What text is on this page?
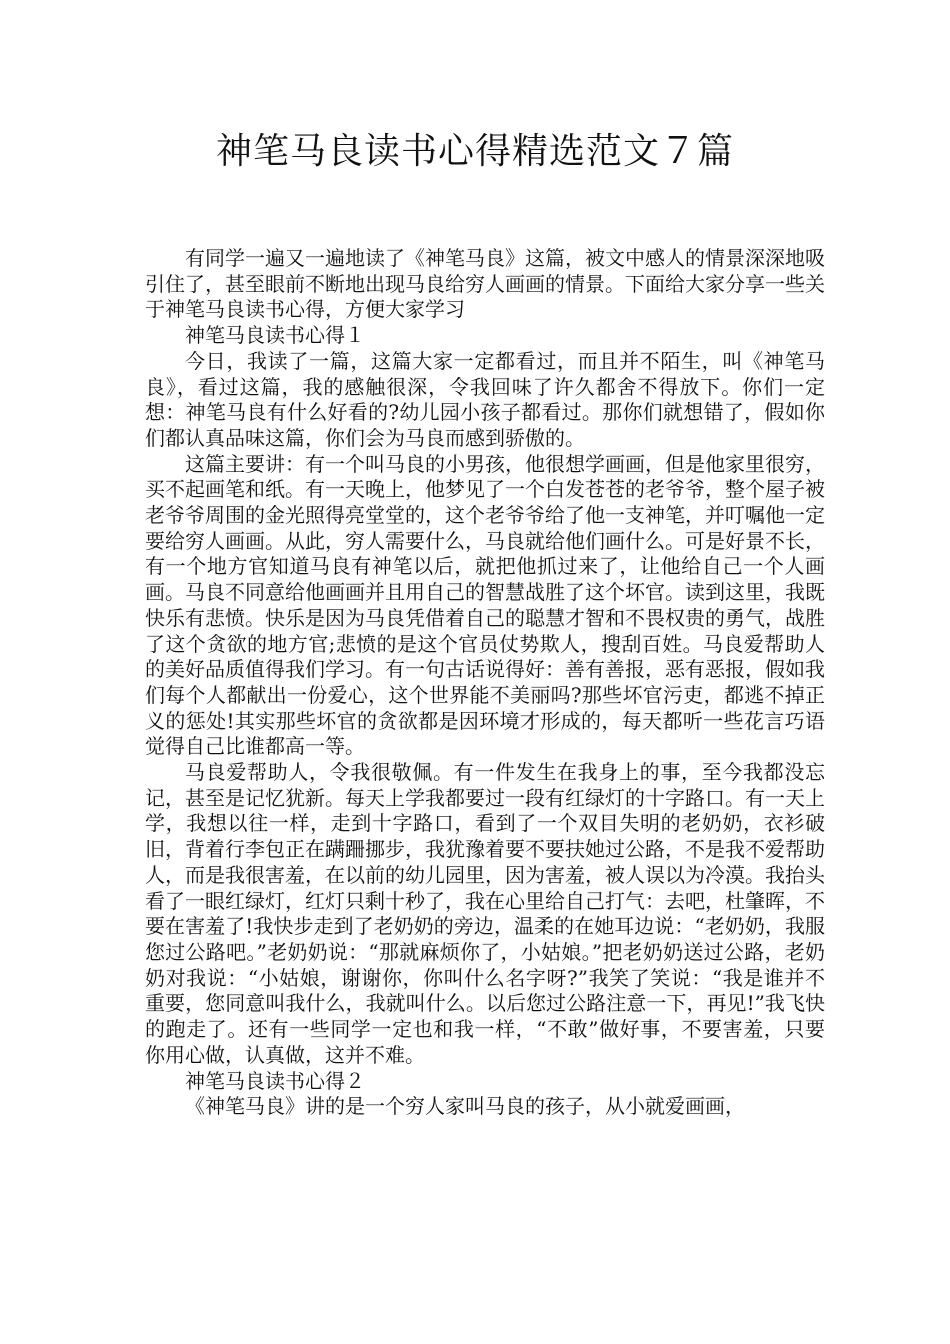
神笔马良读书心得精选范文７篇

有同学一遍又一遍地读了《神笔马良》这篇，被文中感人的情景深深地吸引住了，甚至眼前不断地出现马良给穷人画画的情景。下面给大家分享一些关于神笔马良读书心得，方便大家学习

神笔马良读书心得１

今日，我读了一篇，这篇大家一定都看过，而且并不陌生，叫《神笔马良》，看过这篇，我的感触很深，令我回味了许久都舍不得放下。你们一定想：神笔马良有什么好看的?幼儿园小孩子都看过。那你们就想错了，假如你们都认真品味这篇，你们会为马良而感到骄傲的。

这篇主要讲：有一个叫马良的小男孩，他很想学画画，但是他家里很穷，买不起画笔和纸。有一天晚上，他梦见了一个白发苍苍的老爷爷，整个屋子被老爷爷周围的金光照得亮堂堂的，这个老爷爷给了他一支神笔，并叮嘱他一定要给穷人画画。从此，穷人需要什么，马良就给他们画什么。可是好景不长，有一个地方官知道马良有神笔以后，就把他抓过来了，让他给自己一个人画画。马良不同意给他画画并且用自己的智慧战胜了这个坏官。读到这里，我既快乐有悲愤。快乐是因为马良凭借着自己的聪慧才智和不畏权贵的勇气，战胜了这个贪欲的地方官;悲愤的是这个官员仗势欺人，搜刮百姓。马良爱帮助人的美好品质值得我们学习。有一句古话说得好：善有善报，恶有恶报，假如我们每个人都献出一份爱心，这个世界能不美丽吗?那些坏官污吏，都逃不掉正义的惩处!其实那些坏官的贪欲都是因环境才形成的，每天都听一些花言巧语觉得自己比谁都高一等。

马良爱帮助人，令我很敬佩。有一件发生在我身上的事，至今我都没忘记，甚至是记忆犹新。每天上学我都要过一段有红绿灯的十字路口。有一天上学，我想以往一样，走到十字路口，看到了一个双目失明的老奶奶，衣衫破旧，背着行李包正在蹒跚挪步，我犹豫着要不要扶她过公路，不是我不爱帮助人，而是我很害羞，在以前的幼儿园里，因为害羞，被人误以为冷漠。我抬头看了一眼红绿灯，红灯只剩十秒了，我在心里给自己打气：去吧，杜肇晖，不要在害羞了!我快步走到了老奶奶的旁边，温柔的在她耳边说：“老奶奶，我服您过公路吧。”老奶奶说：“那就麻烦你了，小姑娘。”把老奶奶送过公路，老奶奶对我说：“小姑娘，谢谢你，你叫什么名字呀?”我笑了笑说：“我是谁并不重要，您同意叫我什么，我就叫什么。以后您过公路注意一下，再见!”我飞快的跑走了。还有一些同学一定也和我一样，“不敢”做好事，不要害羞，只要你用心做，认真做，这并不难。

神笔马良读书心得２

《神笔马良》讲的是一个穷人家叫马良的孩子，从小就爱画画，
